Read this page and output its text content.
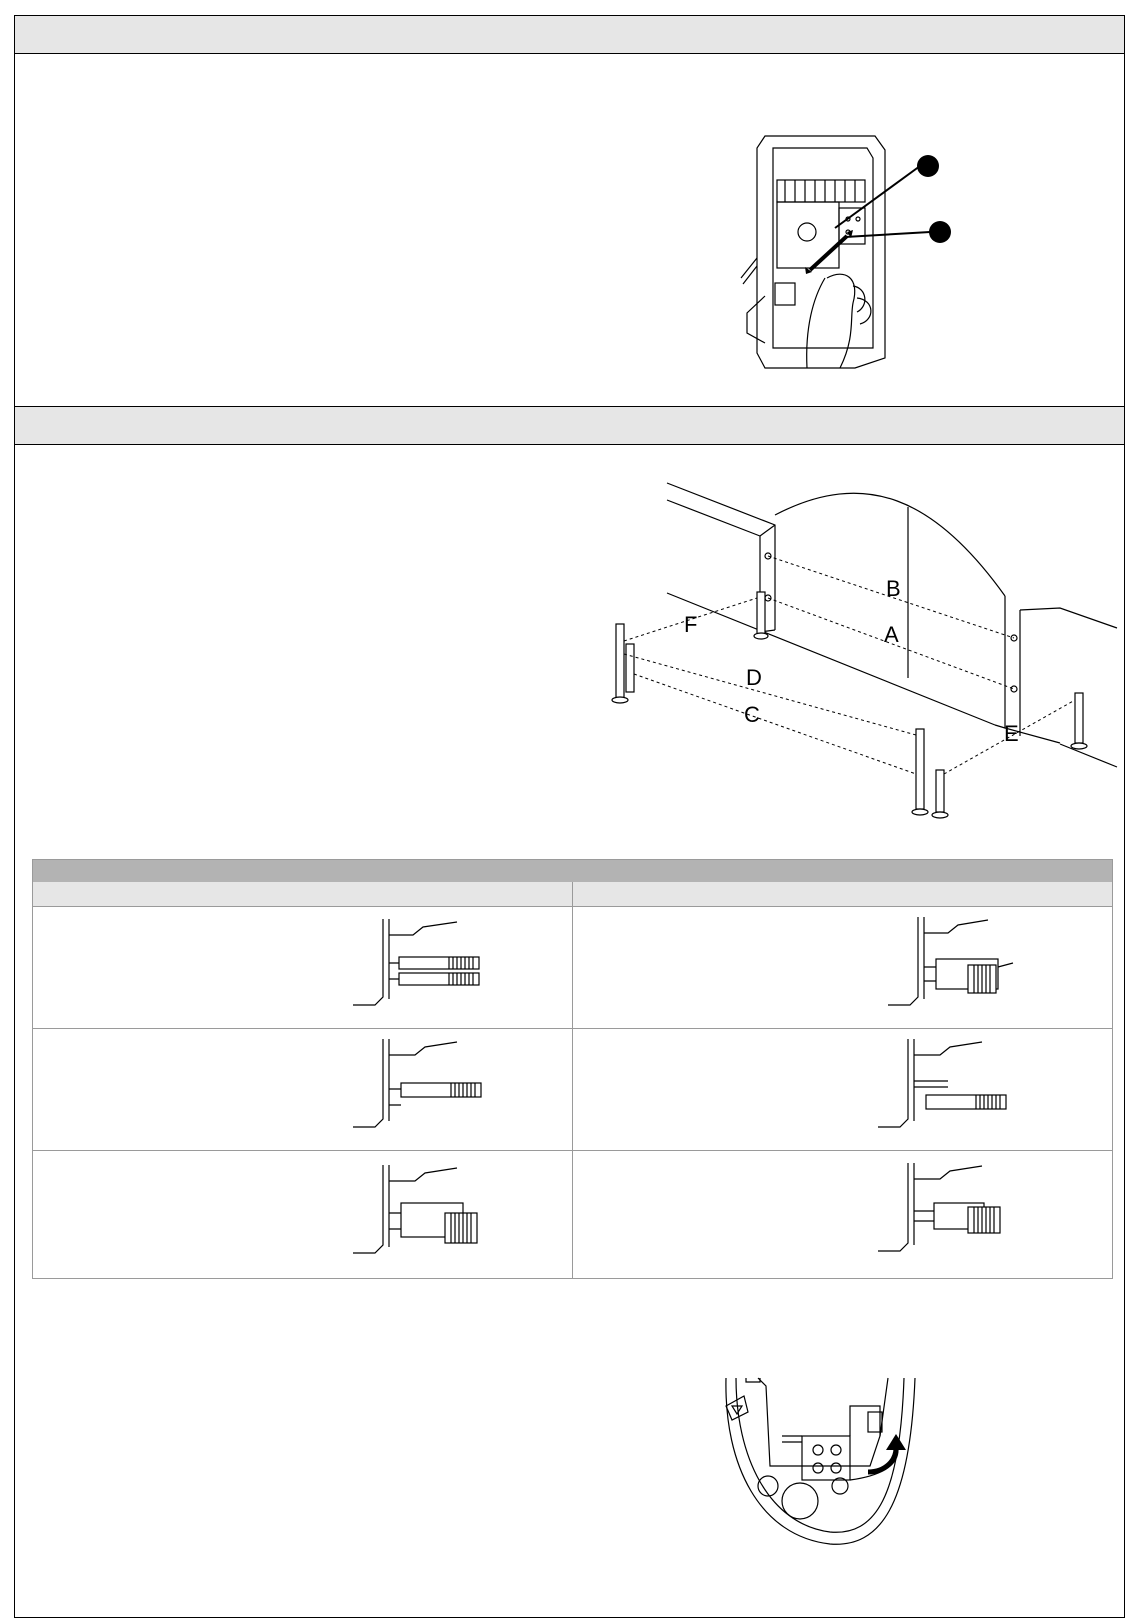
B
A
F
D
C
E
